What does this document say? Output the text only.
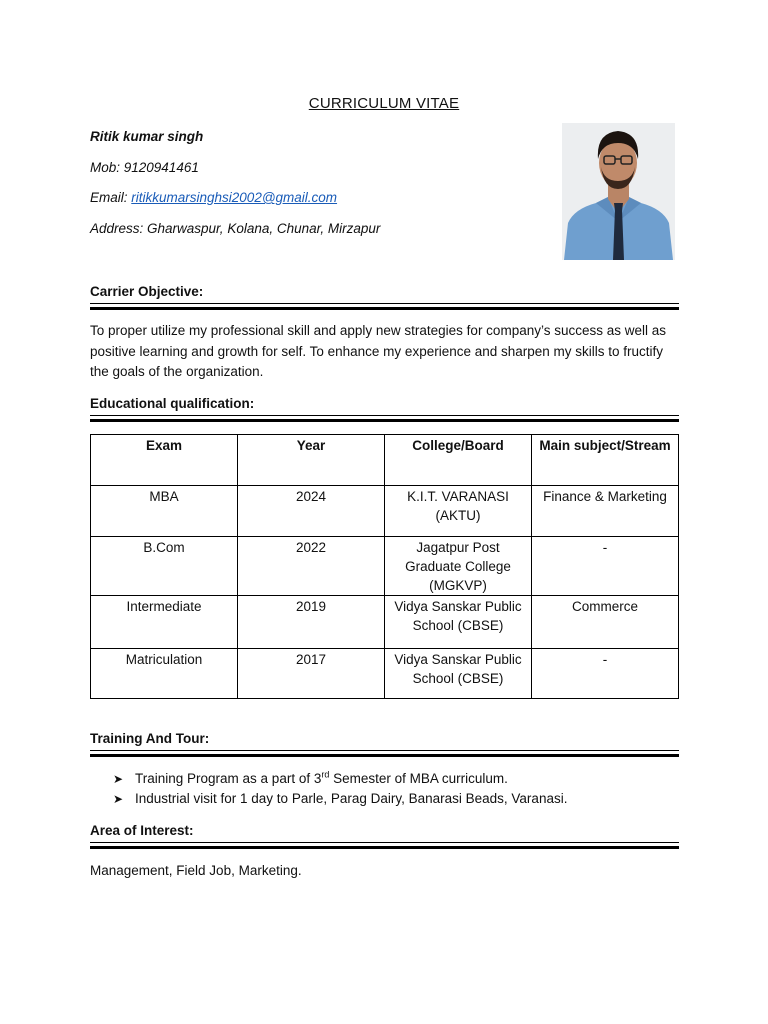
CURRICULUM VITAE
Ritik kumar singh
Mob: 9120941461
Email: ritikkumarsinghsi2002@gmail.com
Address: Gharwaspur, Kolana, Chunar, Mirzapur
Carrier Objective:
To proper utilize my professional skill and apply new strategies for company’s success as well as positive learning and growth for self. To enhance my experience and sharpen my skills to fructify the goals of the organization.
Educational qualification:
Exam	Year	College/Board	Main subject/Stream
MBA	2024	K.I.T. VARANASI (AKTU)	Finance & Marketing
B.Com	2022	Jagatpur Post Graduate College (MGKVP)	-
Intermediate	2019	Vidya Sanskar Public School (CBSE)	Commerce
Matriculation	2017	Vidya Sanskar Public School (CBSE)	-
Training And Tour:
➤ Training Program as a part of 3rd Semester of MBA curriculum.
➤ Industrial visit for 1 day to Parle, Parag Dairy, Banarasi Beads, Varanasi.
Area of Interest:
Management, Field Job, Marketing.
